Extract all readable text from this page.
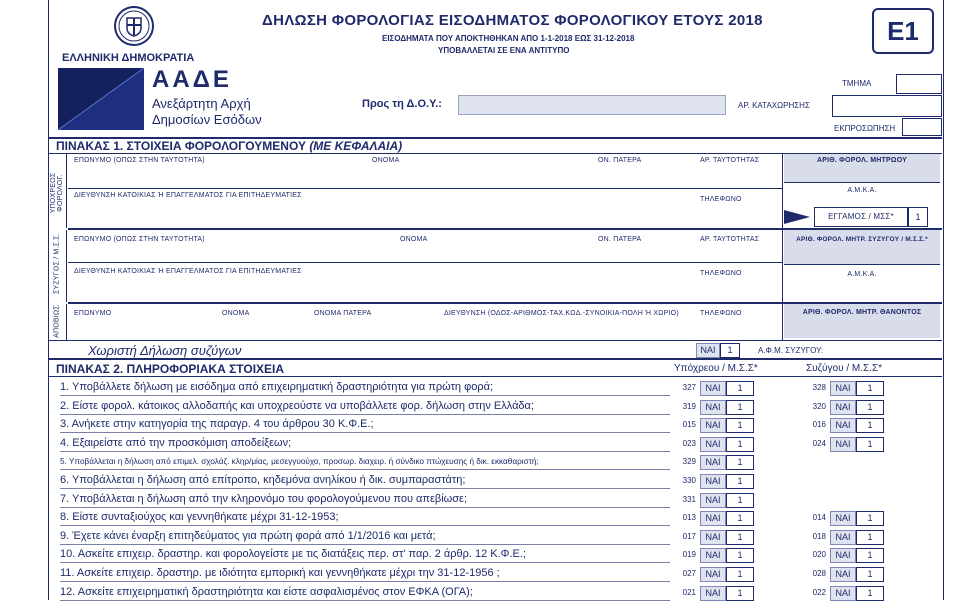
ΕΛΛΗΝΙΚΗ ΔΗΜΟΚΡΑΤΙΑ
ΑΑΔΕ
Ανεξάρτητη Αρχή
Δημοσίων Εσόδων
ΔΗΛΩΣΗ ΦΟΡΟΛΟΓΙΑΣ ΕΙΣΟΔΗΜΑΤΟΣ ΦΟΡΟΛΟΓΙΚΟΥ ΕΤΟΥΣ 2018
ΕΙΣΟΔΗΜΑΤΑ ΠΟΥ ΑΠΟΚΤΗΘΗΚΑΝ ΑΠΟ 1-1-2018 ΕΩΣ 31-12-2018
ΥΠΟΒΑΛΛΕΤΑΙ ΣΕ ΕΝΑ ΑΝΤΙΤΥΠΟ
Ε1
ΤΜΗΜΑ
ΑΡ. ΚΑΤΑΧΩΡΗΣΗΣ
ΕΚΠΡΟΣΩΠΗΣΗ
Προς τη Δ.Ο.Υ.:
ΠΙΝΑΚΑΣ 1. ΣΤΟΙΧΕΙΑ ΦΟΡΟΛΟΓΟΥΜΕΝΟΥ (ΜΕ ΚΕΦΑΛΑΙΑ)
ΥΠΟΧΡΕΟΣ ΦΟΡΟΛΟΓ.
ΣΥΖΥΓΟΣ / Μ.Σ.Σ.
ΑΠΟΒΙΩΣ
ΕΠΩΝΥΜΟ (ΟΠΩΣ ΣΤΗΝ ΤΑΥΤΟΤΗΤΑ)	ΟΝΟΜΑ	ΟΝ. ΠΑΤΕΡΑ	ΑΡ. ΤΑΥΤΟΤΗΤΑΣ
ΔΙΕΥΘΥΝΣΗ ΚΑΤΟΙΚΙΑΣ Ή ΕΠΑΓΓΕΛΜΑΤΟΣ ΓΙΑ ΕΠΙΤΗΔΕΥΜΑΤΙΕΣ
ΤΗΛΕΦΩΝΟ
ΑΡΙΘ. ΦΟΡΟΛ. ΜΗΤΡΩΟΥ
Α.Μ.Κ.Α.
ΕΓΓΑΜΟΣ / ΜΣΣ*	1
ΕΠΩΝΥΜΟ (ΟΠΩΣ ΣΤΗΝ ΤΑΥΤΟΤΗΤΑ)	ΟΝΟΜΑ	ΟΝ. ΠΑΤΕΡΑ	ΑΡ. ΤΑΥΤΟΤΗΤΑΣ
ΔΙΕΥΘΥΝΣΗ ΚΑΤΟΙΚΙΑΣ Ή ΕΠΑΓΓΕΛΜΑΤΟΣ ΓΙΑ ΕΠΙΤΗΔΕΥΜΑΤΙΕΣ	ΤΗΛΕΦΩΝΟ
ΑΡΙΘ. ΦΟΡΟΛ. ΜΗΤΡ. ΣΥΖΥΓΟΥ / Μ.Σ.Σ.*
Α.Μ.Κ.Α.
ΕΠΩΝΥΜΟ	ΟΝΟΜΑ	ΟΝΟΜΑ ΠΑΤΕΡΑ	ΔΙΕΥΘΥΝΣΗ (ΟΔΟΣ-ΑΡΙΘΜΟΣ-ΤΑΧ.ΚΩΔ.-ΣΥΝΟΙΚΙΑ-ΠΟΛΗ Ή ΧΩΡΙΟ)	ΤΗΛΕΦΩΝΟ	ΑΡΙΘ. ΦΟΡΟΛ. ΜΗΤΡ. ΘΑΝΟΝΤΟΣ
Χωριστή Δήλωση συζύγων	ΝΑΙ	1	Α.Φ.Μ. ΣΥΖΥΓΟΥ:
ΠΙΝΑΚΑΣ 2. ΠΛΗΡΟΦΟΡΙΑΚΑ ΣΤΟΙΧΕΙΑ	Υπόχρεου / Μ.Σ.Σ*	Συζύγου / Μ.Σ.Σ*
1. Υποβάλλετε δήλωση με εισόδημα από επιχειρηματική δραστηριότητα για πρώτη φορά;	327	ΝΑΙ	1	328	ΝΑΙ	1
2. Είστε φορολ. κάτοικος αλλοδαπής και υποχρεούστε να υποβάλλετε φορ. δήλωση στην Ελλάδα;	319	ΝΑΙ	1	320	ΝΑΙ	1
3. Ανήκετε στην κατηγορία της παραγρ. 4 του άρθρου 30 Κ.Φ.Ε.;	015	ΝΑΙ	1	016	ΝΑΙ	1
4. Εξαιρείστε από την προσκόμιση αποδείξεων;	023	ΝΑΙ	1	024	ΝΑΙ	1
5. Υποβάλλεται η δήλωση από επιμελ. σχολάζ. κληρ/μίας, μεσεγγυούχο, προσωρ. διαχειρ. ή σύνδικο πτώχευσης ή δικ. εκκαθαριστή;	329	ΝΑΙ	1
6. Υποβάλλεται η δήλωση από επίτροπο, κηδεμόνα ανηλίκου ή δικ. συμπαραστάτη;	330	ΝΑΙ	1
7. Υποβάλλεται η δήλωση από την κληρονόμο του φορολογούμενου που απεβίωσε;	331	ΝΑΙ	1
8. Είστε συνταξιούχος και γεννηθήκατε μέχρι 31-12-1953;	013	ΝΑΙ	1	014	ΝΑΙ	1
9. Έχετε κάνει έναρξη επιτηδεύματος για πρώτη φορά από 1/1/2016 και μετά;	017	ΝΑΙ	1	018	ΝΑΙ	1
10. Ασκείτε επιχειρ. δραστηρ. και φορολογείστε με τις διατάξεις περ. στ' παρ. 2 άρθρ. 12 Κ.Φ.Ε.;	019	ΝΑΙ	1	020	ΝΑΙ	1
11. Ασκείτε επιχειρ. δραστηρ. με ιδιότητα εμπορική και γεννηθήκατε μέχρι την 31-12-1956 ;	027	ΝΑΙ	1	028	ΝΑΙ	1
12. Ασκείτε επιχειρηματική δραστηριότητα και είστε ασφαλισμένος στον ΕΦΚΑ (ΟΓΑ);	021	ΝΑΙ	1	022	ΝΑΙ	1
